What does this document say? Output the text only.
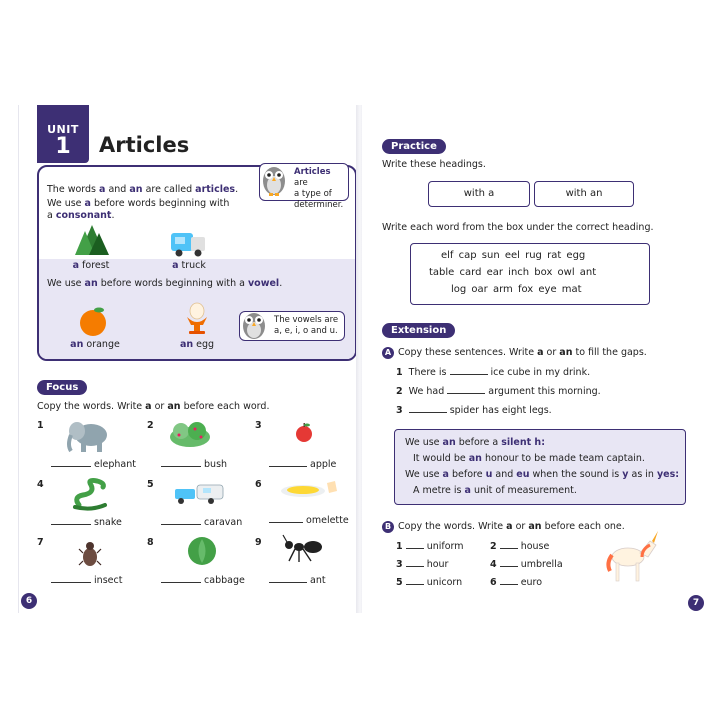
UNIT
1	Articles
The words a and an are called articles.
We use a before words beginning with
a consonant.
a forest	a truck
We use an before words beginning with a vowel.
an orange	an egg
Articles are
a type of
determiner.
The vowels are
a, e, i, o and u.
Focus
Copy the words. Write a or an before each word.
1
elephant
2
bush
3
apple
4
snake
5
caravan
6
omelette
7
insect
8
cabbage
9
ant
6
Practice
Write these headings.
with a	with an
Write each word from the box under the correct heading.
elf cap sun eel rug rat egg
table card ear inch box owl ant
log oar arm fox eye mat
Extension
A Copy these sentences. Write a or an to fill the gaps.
1 There is	ice cube in my drink.
2 We had	argument this morning.
3	spider has eight legs.
We use an before a silent h:
It would be an honour to be made team captain.
We use a before u and eu when the sound is y as in yes:
A metre is a unit of measurement.
B Copy the words. Write a or an before each one.
1	uniform	2	house
3	hour	4	umbrella
5	unicorn	6	euro
7
